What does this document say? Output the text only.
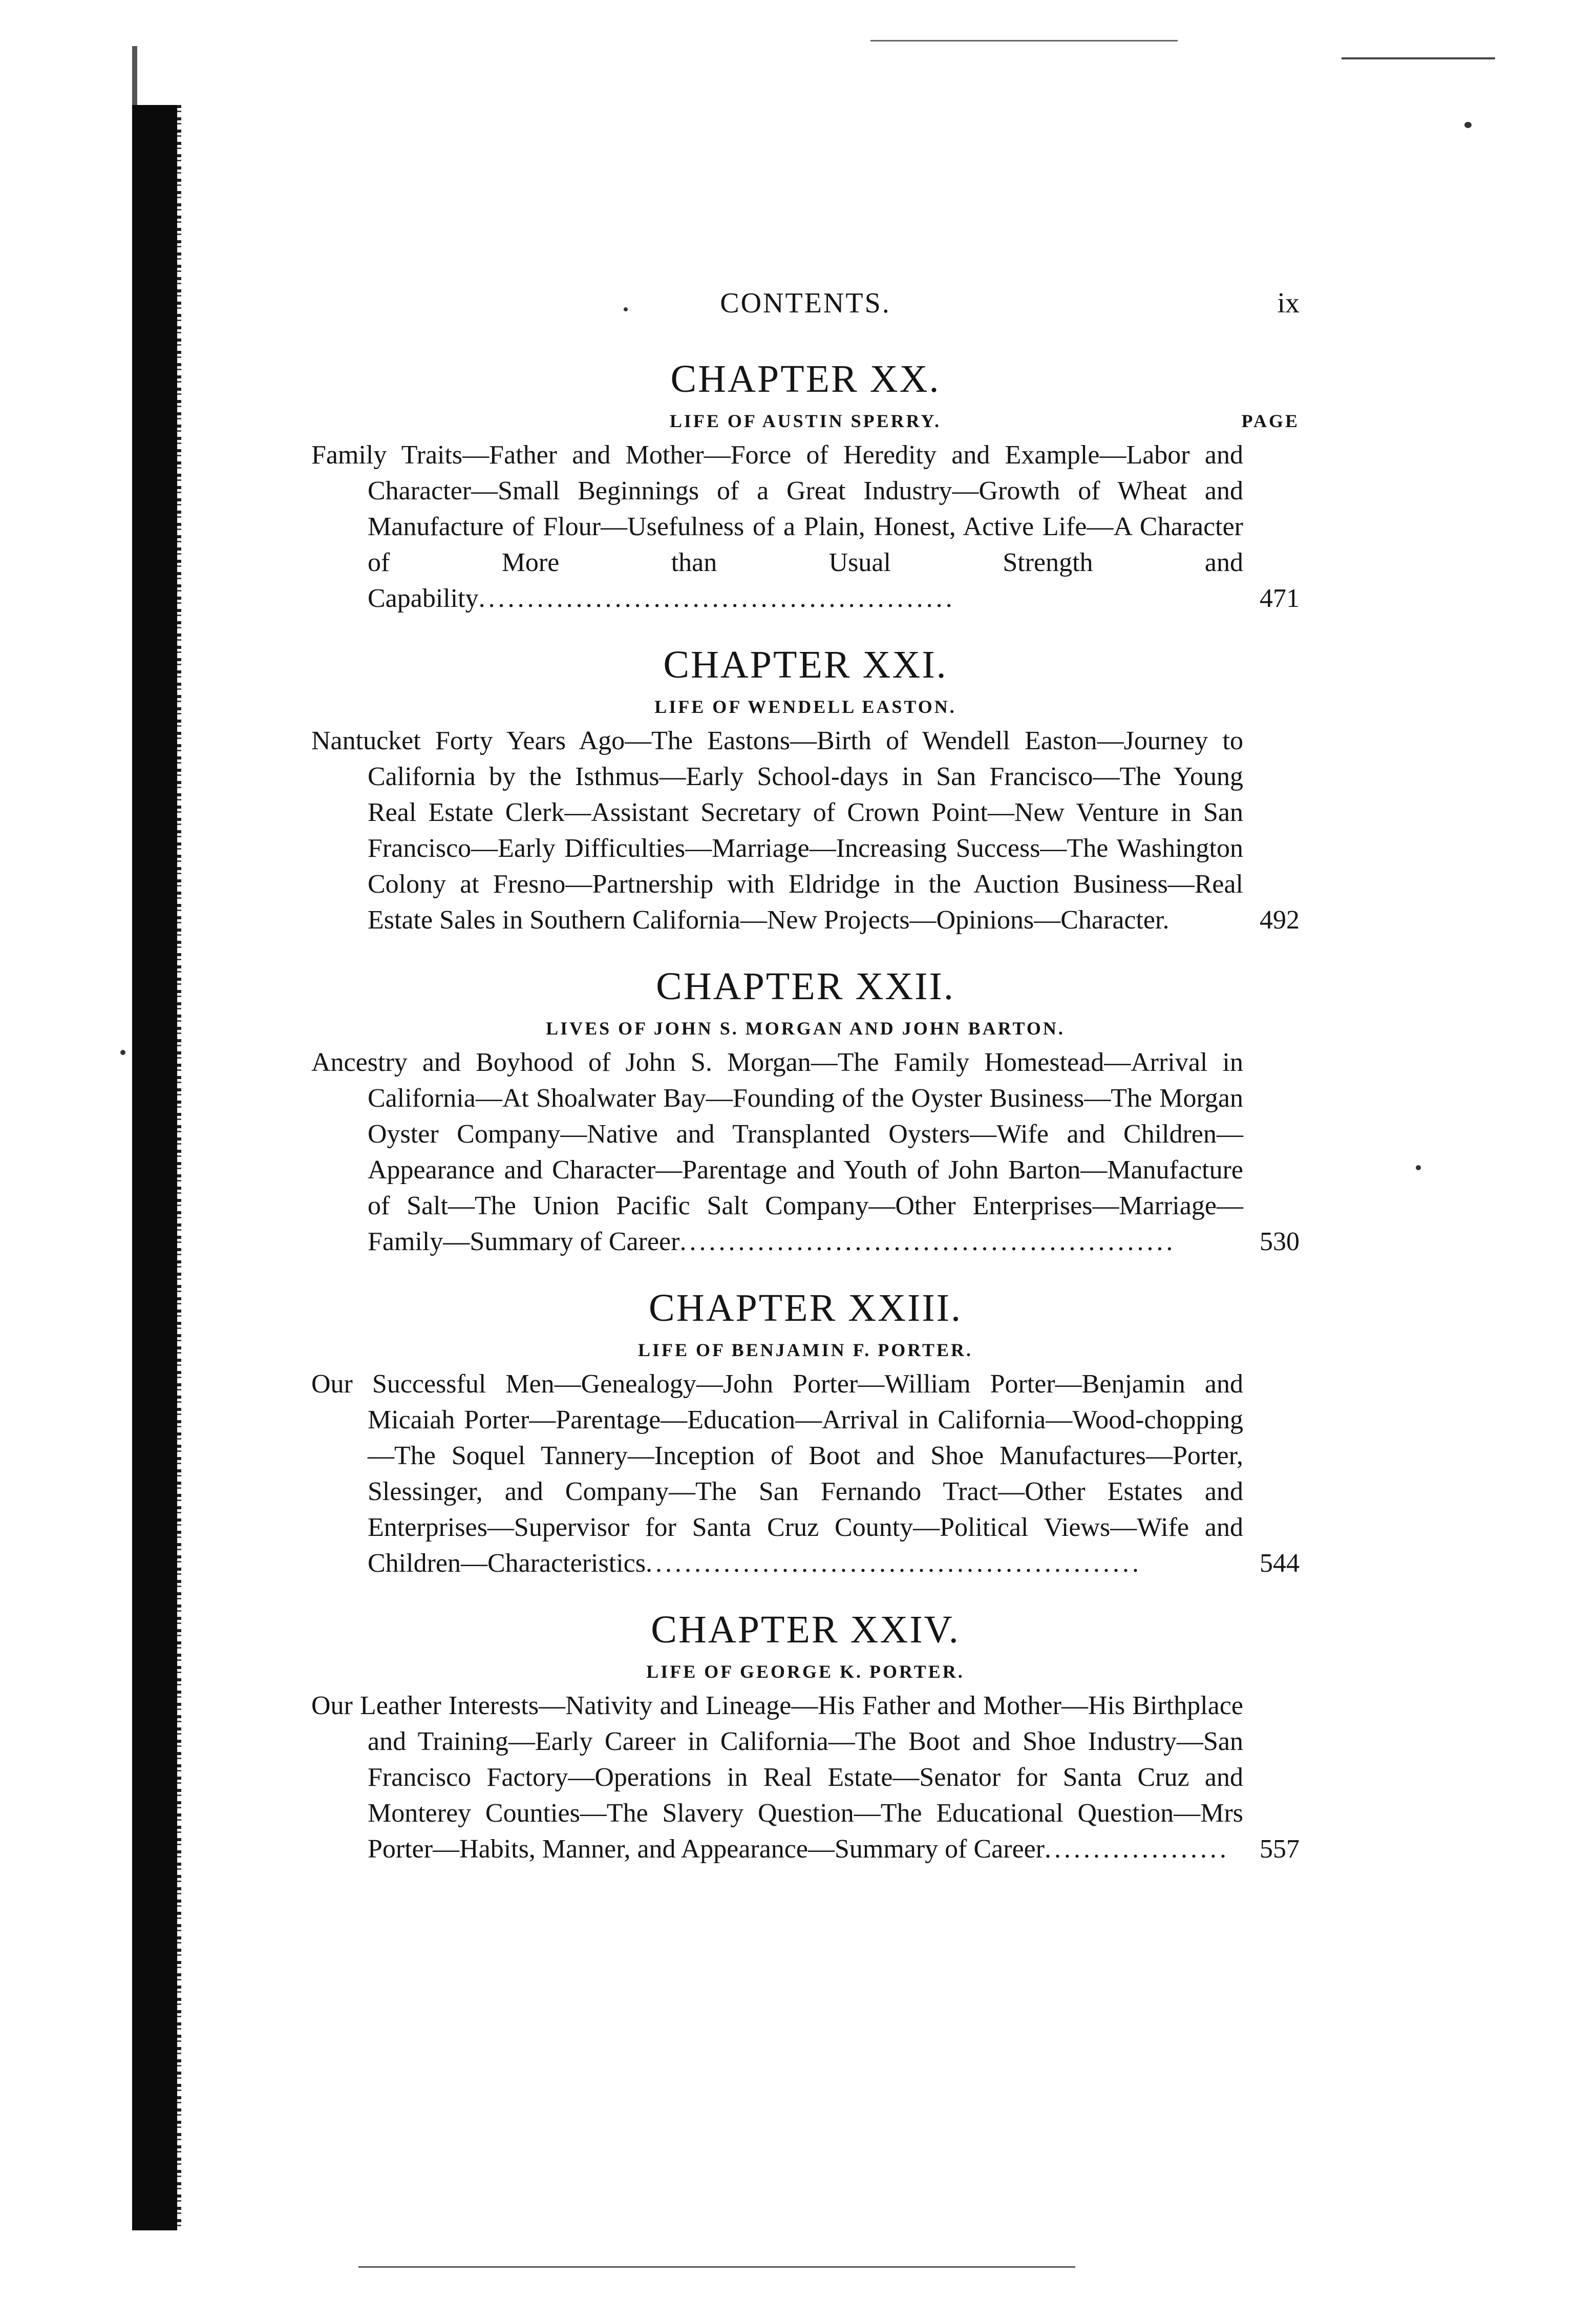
CONTENTS.	ix
CHAPTER XX.
LIFE OF AUSTIN SPERRY.	PAGE

Family Traits—Father and Mother—Force of Heredity and Example—Labor and Character—Small Beginnings of a Great Industry—Growth of Wheat and Manufacture of Flour—Usefulness of a Plain, Honest, Active Life—A Character of More than Usual Strength and Capability.................................................	471
CHAPTER XXI.
LIFE OF WENDELL EASTON.

Nantucket Forty Years Ago—The Eastons—Birth of Wendell Easton—Journey to California by the Isthmus—Early School-days in San Francisco—The Young Real Estate Clerk—Assistant Secretary of Crown Point—New Venture in San Francisco—Early Difficulties—Marriage—Increasing Success—The Washington Colony at Fresno—Partnership with Eldridge in the Auction Business—Real Estate Sales in Southern California—New Projects—Opinions—Character.	492
CHAPTER XXII.
LIVES OF JOHN S. MORGAN AND JOHN BARTON.

Ancestry and Boyhood of John S. Morgan—The Family Homestead—Arrival in California—At Shoalwater Bay—Founding of the Oyster Business—The Morgan Oyster Company—Native and Transplanted Oysters—Wife and Children—Appearance and Character—Parentage and Youth of John Barton—Manufacture of Salt—The Union Pacific Salt Company—Other Enterprises—Marriage—Family—Summary of Career...................................................	530
CHAPTER XXIII.
LIFE OF BENJAMIN F. PORTER.

Our Successful Men—Genealogy—John Porter—William Porter—Benjamin and Micaiah Porter—Parentage—Education—Arrival in California—Wood-chopping—The Soquel Tannery—Inception of Boot and Shoe Manufactures—Porter, Slessinger, and Company—The San Fernando Tract—Other Estates and Enterprises—Supervisor for Santa Cruz County—Political Views—Wife and Children—Characteristics...................................................	544
CHAPTER XXIV.
LIFE OF GEORGE K. PORTER.

Our Leather Interests—Nativity and Lineage—His Father and Mother—His Birthplace and Training—Early Career in California—The Boot and Shoe Industry—San Francisco Factory—Operations in Real Estate—Senator for Santa Cruz and Monterey Counties—The Slavery Question—The Educational Question—Mrs Porter—Habits, Manner, and Appearance—Summary of Career...................	557
